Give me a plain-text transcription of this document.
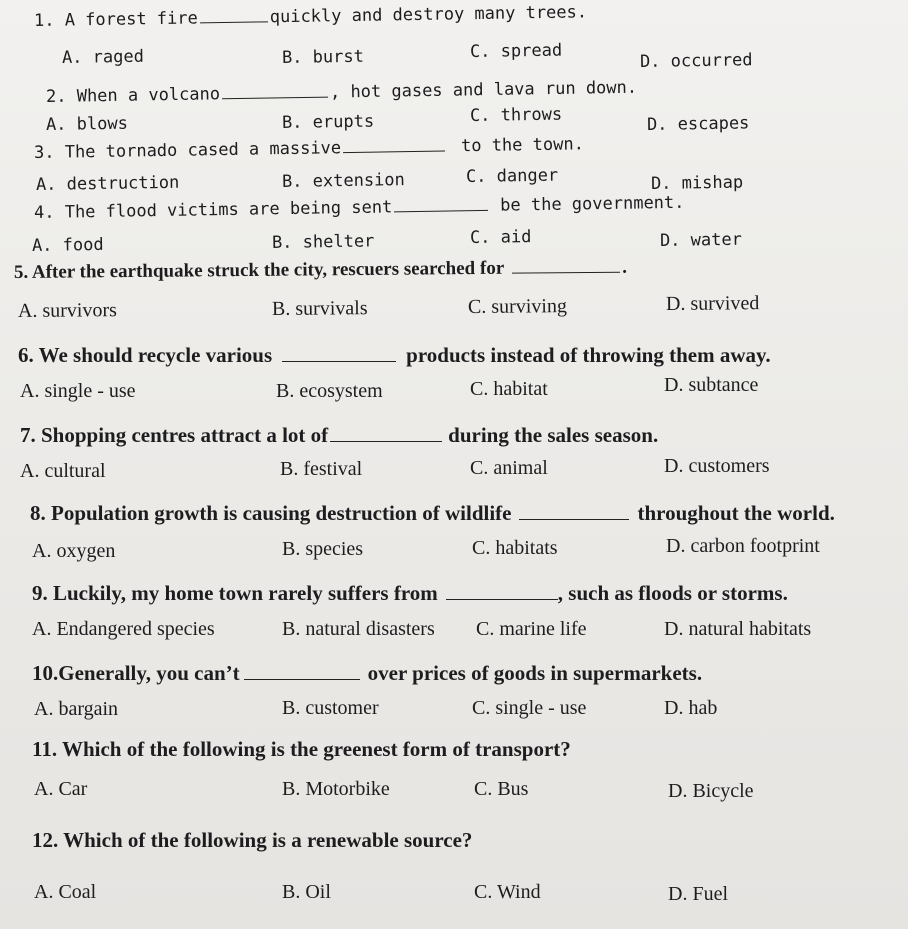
1. A forest fire	quickly and destroy many trees.
A. raged	B. burst	C. spread	D. occurred
2. When a volcano	, hot gases and lava run down.
A. blows	B. erupts	C. throws	D. escapes
3. The tornado cased a massive	to the town.
A. destruction	B. extension	C. danger	D. mishap
4. The flood victims are being sent	be the government.
A. food	B. shelter	C. aid	D. water
5. After the earthquake struck the city, rescuers searched for	.
A. survivors	B. survivals	C. surviving	D. survived
6. We should recycle various	products instead of throwing them away.
A. single - use	B. ecosystem	C. habitat	D. subtance
7. Shopping centres attract a lot of	during the sales season.
A. cultural	B. festival	C. animal	D. customers
8. Population growth is causing destruction of wildlife	throughout the world.
A. oxygen	B. species	C. habitats	D. carbon footprint
9. Luckily, my home town rarely suffers from	, such as floods or storms.
A. Endangered species	B. natural disasters C. marine life	D. natural habitats
10.Generally, you can’t	over prices of goods in supermarkets.
A. bargain	B. customer	C. single - use	D. hab
11. Which of the following is the greenest form of transport?
A. Car	B. Motorbike	C. Bus	D. Bicycle
12. Which of the following is a renewable source?
A. Coal	B. Oil	C. Wind	D. Fuel
